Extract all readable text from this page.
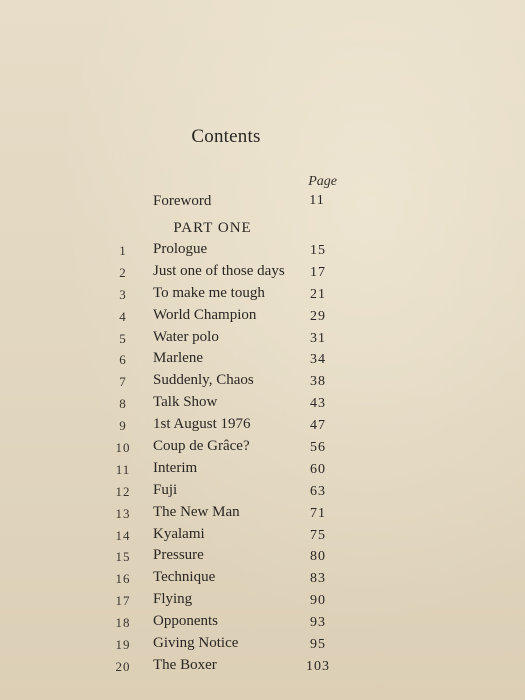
Contents
Page
Foreword	11
PART ONE
1	Prologue	15
2	Just one of those days	17
3	To make me tough	21
4	World Champion	29
5	Water polo	31
6	Marlene	34
7	Suddenly, Chaos	38
8	Talk Show	43
9	1st August 1976	47
10	Coup de Grâce?	56
11	Interim	60
12	Fuji	63
13	The New Man	71
14	Kyalami	75
15	Pressure	80
16	Technique	83
17	Flying	90
18	Opponents	93
19	Giving Notice	95
20	The Boxer	103
